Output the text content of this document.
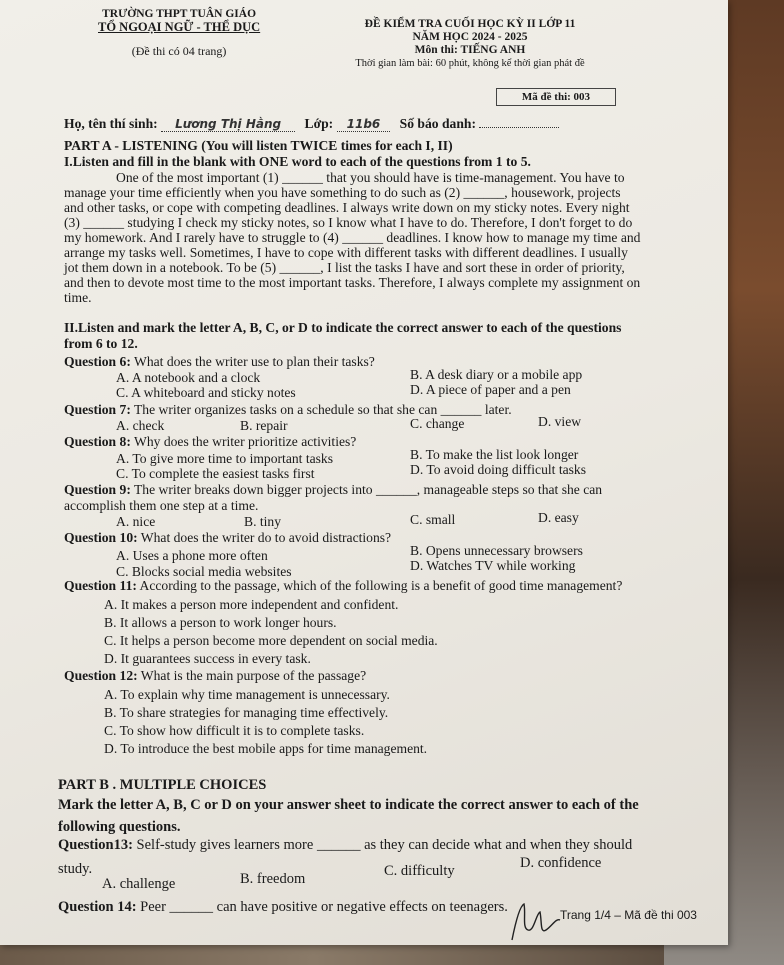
TRƯỜNG THPT TUÂN GIÁO
TỔ NGOẠI NGỮ - THỂ DỤC
(Đề thi có 04 trang)
ĐỀ KIỂM TRA CUỐI HỌC KỲ II LỚP 11
NĂM HỌC 2024 - 2025
Môn thi: TIẾNG ANH
Thời gian làm bài: 60 phút, không kể thời gian phát đề
Mã đề thi: 003
Họ, tên thí sinh: Lương Thị Hằng Lớp: 11b6 Số báo danh:
PART A - LISTENING (You will listen TWICE times for each I, II)
I.Listen and fill in the blank with ONE word to each of the questions from 1 to 5.
One of the most important (1) ______ that you should have is time-management. You have to
manage your time efficiently when you have something to do such as (2) ______, housework, projects
and other tasks, or cope with competing deadlines. I always write down on my sticky notes. Every night
(3) ______ studying I check my sticky notes, so I know what I have to do. Therefore, I don't forget to do
my homework. And I rarely have to struggle to (4) ______ deadlines. I know how to manage my time and
arrange my tasks well. Sometimes, I have to cope with different tasks with different deadlines. I usually
jot them down in a notebook. To be (5) ______, I list the tasks I have and sort these in order of priority,
and then to devote most time to the most important tasks. Therefore, I always complete my assignment on
time.
II.Listen and mark the letter A, B, C, or D to indicate the correct answer to each of the questions
from 6 to 12.
Question 6: What does the writer use to plan their tasks?
A. A notebook and a clock	B. A desk diary or a mobile app
C. A whiteboard and sticky notes	D. A piece of paper and a pen
Question 7: The writer organizes tasks on a schedule so that she can ______ later.
A. check	B. repair	C. change	D. view
Question 8: Why does the writer prioritize activities?
A. To give more time to important tasks	B. To make the list look longer
C. To complete the easiest tasks first	D. To avoid doing difficult tasks
Question 9: The writer breaks down bigger projects into ______, manageable steps so that she can
accomplish them one step at a time.
A. nice	B. tiny	C. small	D. easy
Question 10: What does the writer do to avoid distractions?
A. Uses a phone more often	B. Opens unnecessary browsers
C. Blocks social media websites	D. Watches TV while working
Question 11: According to the passage, which of the following is a benefit of good time management?
A. It makes a person more independent and confident.
B. It allows a person to work longer hours.
C. It helps a person become more dependent on social media.
D. It guarantees success in every task.
Question 12: What is the main purpose of the passage?
A. To explain why time management is unnecessary.
B. To share strategies for managing time effectively.
C. To show how difficult it is to complete tasks.
D. To introduce the best mobile apps for time management.
PART B . MULTIPLE CHOICES
Mark the letter A, B, C or D on your answer sheet to indicate the correct answer to each of the
following questions.
Question13: Self-study gives learners more ______ as they can decide what and when they should
study.
A. challenge	B. freedom	C. difficulty	D. confidence
Question 14: Peer ______ can have positive or negative effects on teenagers.	Trang 1/4 – Mã đề thi 003
